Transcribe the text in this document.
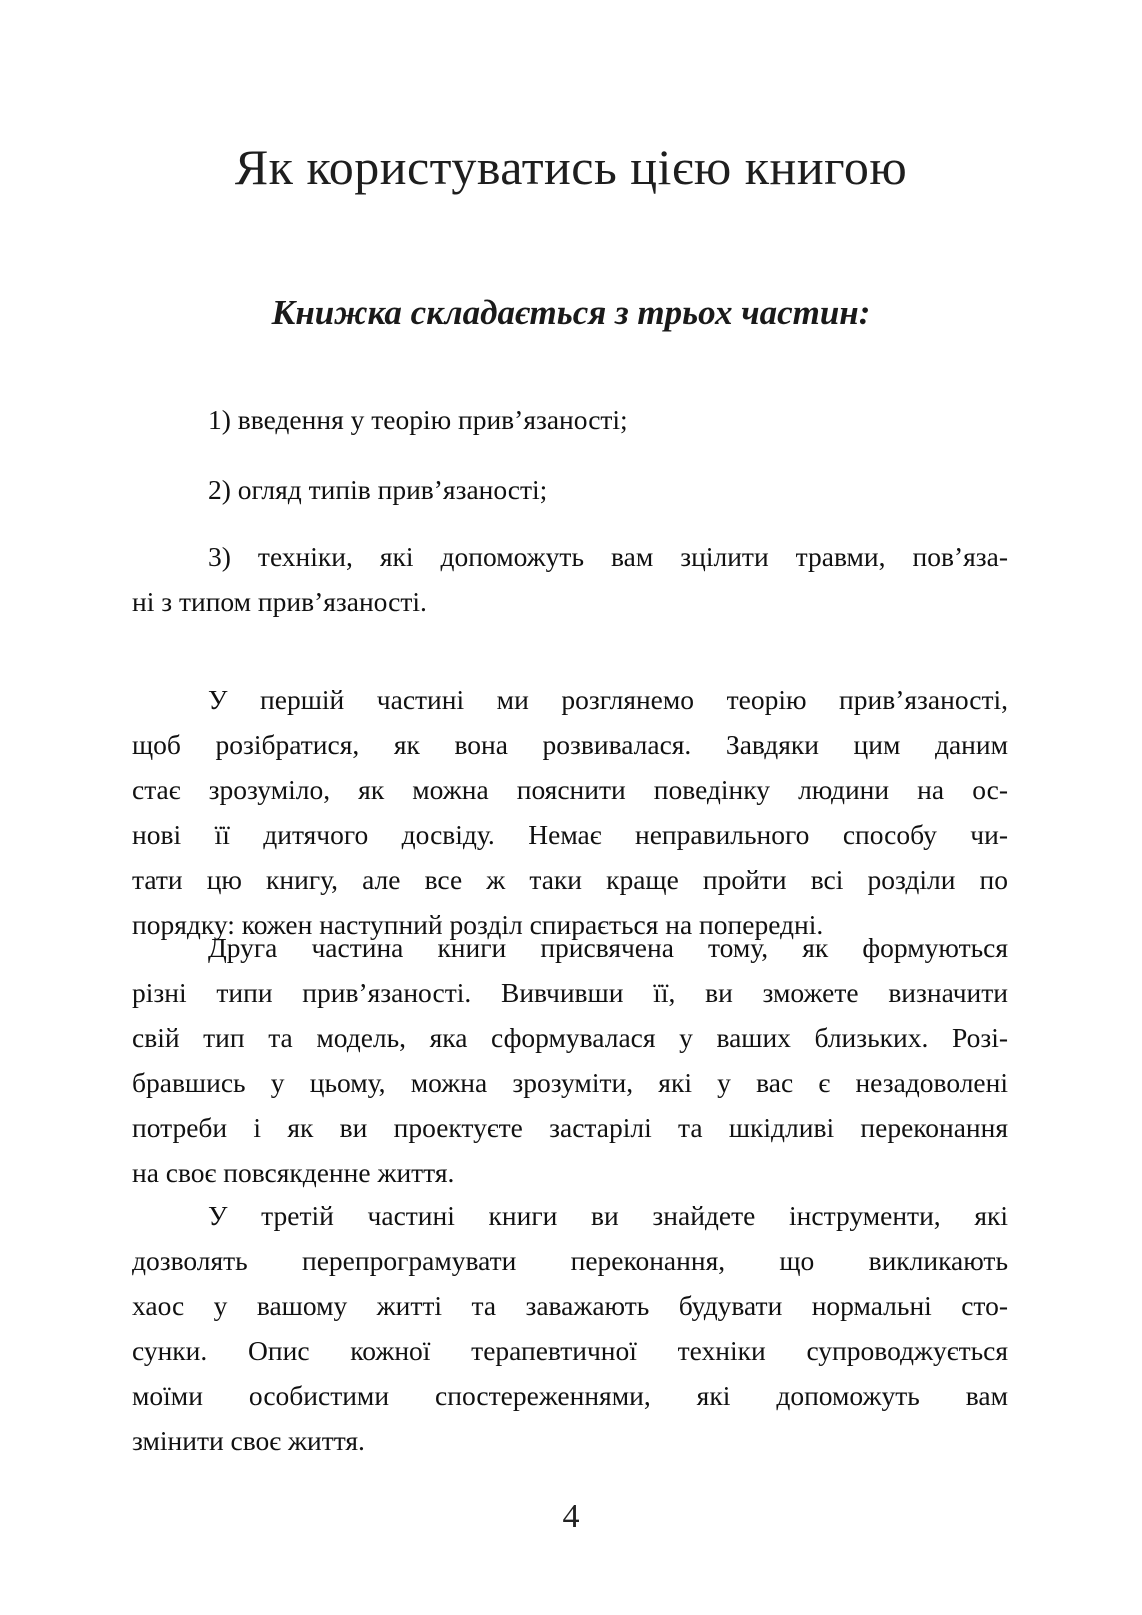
Як користуватись цією книгою
Книжка складається з трьох частин:
1) введення у теорію прив’язаності;
2) огляд типів прив’язаності;
3) техніки, які допоможуть вам зцілити травми, пов’яза-
ні з типом прив’язаності.
У першій частині ми розглянемо теорію прив’язаності,
щоб розібратися, як вона розвивалася. Завдяки цим даним
стає зрозуміло, як можна пояснити поведінку людини на ос-
нові її дитячого досвіду. Немає неправильного способу чи-
тати цю книгу, але все ж таки краще пройти всі розділи по
порядку: кожен наступний розділ спирається на попередні.
Друга частина книги присвячена тому, як формуються
різні типи прив’язаності. Вивчивши її, ви зможете визначити
свій тип та модель, яка сформувалася у ваших близьких. Розі-
бравшись у цьому, можна зрозуміти, які у вас є незадоволені
потреби і як ви проектуєте застарілі та шкідливі переконання
на своє повсякденне життя.
У третій частині книги ви знайдете інструменти, які
дозволять перепрограмувати переконання, що викликають
хаос у вашому житті та заважають будувати нормальні сто-
сунки. Опис кожної терапевтичної техніки супроводжується
моїми особистими спостереженнями, які допоможуть вам
змінити своє життя.
4
